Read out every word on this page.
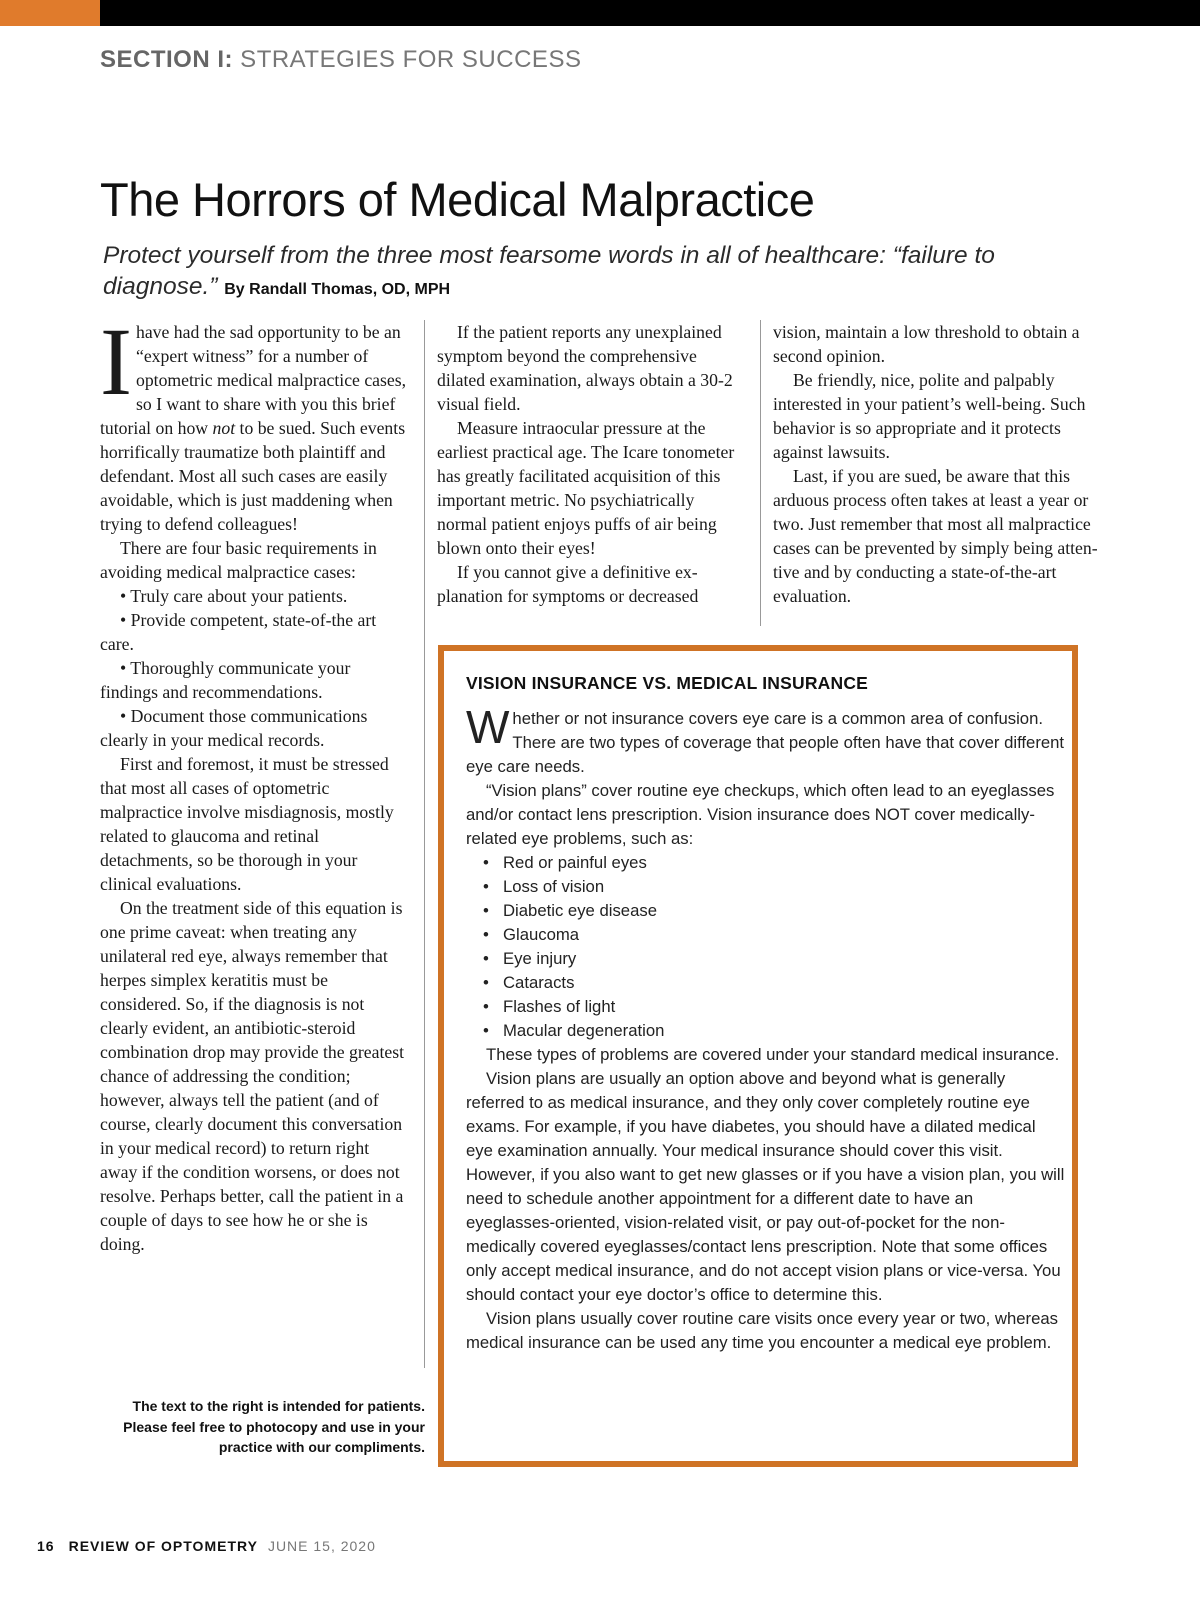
SECTION I: STRATEGIES FOR SUCCESS
The Horrors of Medical Malpractice
Protect yourself from the three most fearsome words in all of healthcare: “failure to diagnose.” By Randall Thomas, OD, MPH

Ihave had the sad opportunity to be an “expert witness” for a number of optometric medical malpractice cases, so I want to share with you this brief tutorial on how not to be sued. Such events horrifically traumatize both plaintiff and defendant. Most all such cases are easily avoidable, which is just maddening when trying to defend colleagues!

There are four basic requirements in avoiding medical malpractice cases:

• Truly care about your patients.

• Provide competent, state-of-the art care.

• Thoroughly communicate your findings and recommendations.

• Document those communications clearly in your medical records.

First and foremost, it must be stressed that most all cases of optometric malpractice involve misdiagnosis, mostly related to glaucoma and retinal detachments, so be thorough in your clinical evaluations.

On the treatment side of this equation is one prime caveat: when treating any unilateral red eye, always remember that herpes simplex keratitis must be considered. So, if the diagnosis is not clearly evident, an antibiotic-steroid combination drop may provide the greatest chance of addressing the condition; however, always tell the patient (and of course, clearly document this conversation in your medical record) to return right away if the condition worsens, or does not resolve. Perhaps better, call the patient in a couple of days to see how he or she is doing.

If the patient reports any unexplained symptom beyond the comprehensive dilated examination, always obtain a 30-2 visual field.

Measure intraocular pressure at the earliest practical age. The Icare tonometer has greatly facilitated acquisition of this important metric. No psychiatrically normal patient enjoys puffs of air being blown onto their eyes!

If you cannot give a definitive explanation for symptoms or decreased

vision, maintain a low threshold to obtain a second opinion.

Be friendly, nice, polite and palpably interested in your patient’s well-being. Such behavior is so appropriate and it protects against lawsuits.

Last, if you are sued, be aware that this arduous process often takes at least a year or two. Just remember that most all malpractice cases can be prevented by simply being attentive and by conducting a state-of-the-art evaluation.

The text to the right is intended for patients. Please feel free to photocopy and use in your practice with our compliments.
VISION INSURANCE VS. MEDICAL INSURANCE

Whether or not insurance covers eye care is a common area of confusion. There are two types of coverage that people often have that cover different eye care needs.

“Vision plans” cover routine eye checkups, which often lead to an eyeglasses and/or contact lens prescription. Vision insurance does NOT cover medically-related eye problems, such as:

• Red or painful eyes
• Loss of vision
• Diabetic eye disease
• Glaucoma
• Eye injury
• Cataracts
• Flashes of light
• Macular degeneration

These types of problems are covered under your standard medical insurance.

Vision plans are usually an option above and beyond what is generally referred to as medical insurance, and they only cover completely routine eye exams. For example, if you have diabetes, you should have a dilated medical eye examination annually. Your medical insurance should cover this visit. However, if you also want to get new glasses or if you have a vision plan, you will need to schedule another appointment for a different date to have an eyeglasses-oriented, vision-related visit, or pay out-of-pocket for the non-medically covered eyeglasses/contact lens prescription. Note that some offices only accept medical insurance, and do not accept vision plans or vice-versa. You should contact your eye doctor’s office to determine this.

Vision plans usually cover routine care visits once every year or two, whereas medical insurance can be used any time you encounter a medical eye problem.

16 REVIEW OF OPTOMETRY JUNE 15, 2020
